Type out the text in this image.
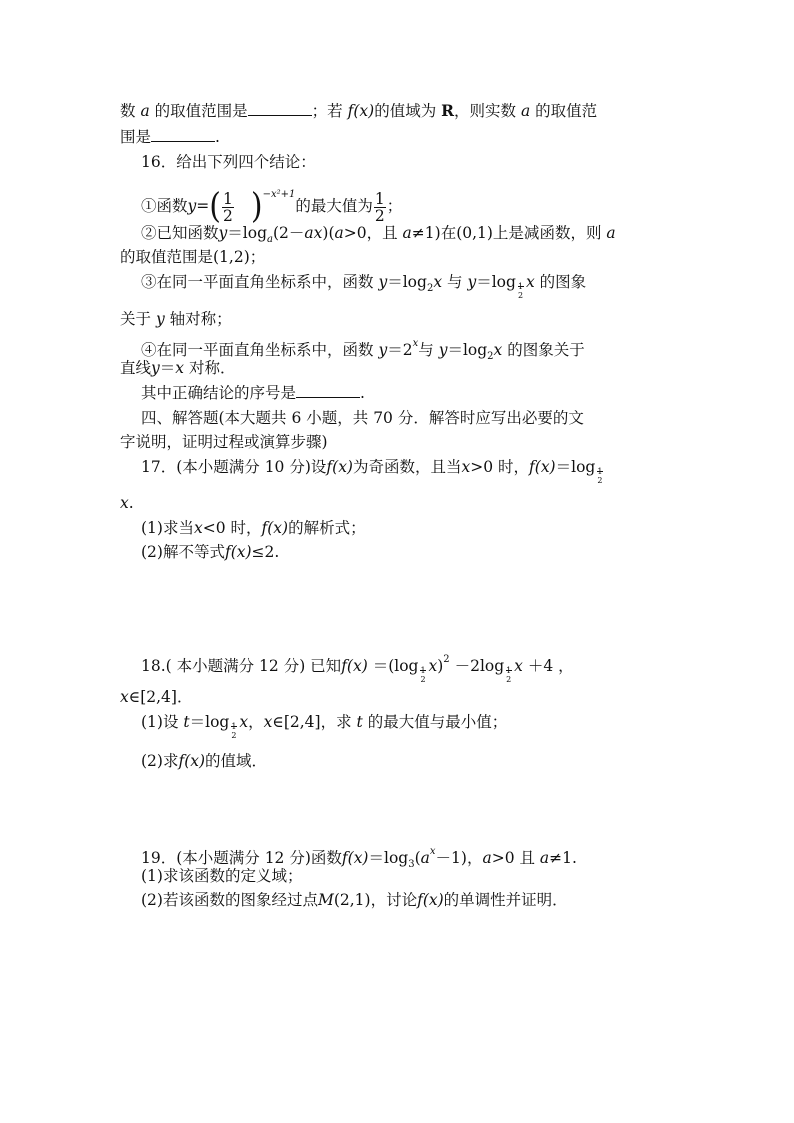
数 a 的取值范围是	；若 f(x)的值域为 R，则实数 a 的取值范
围是	.
16．给出下列四个结论：
①函数$y=( \frac{1}{2} )^{-x^2+1}$的最大值为 $\frac{1}{2}$ ；
②已知函数$y=\log_a(2-ax)(a>0$，且 a≠1)在(0,1)上是减函数，则 a
的取值范围是(1,2)；
③在同一平面直角坐标系中，函数 $y=\log_2x$ 与 y＝log 1
2
x 的图象
关于 y 轴对称；
④在同一平面直角坐标系中，函数 $y=2^x$与 $y=\log_2x$ 的图象关于
直线y＝x 对称．
其中正确结论的序号是	.
四、解答题(本大题共 6 小题，共 70 分．解答时应写出必要的文
字说明，证明过程或演算步骤)
17．(本小题满分 10 分)设f(x)为奇函数，且当x>0 时，f(x)＝log 1
2
x.
(1)求当x<0 时，f(x)的解析式；
(2)解不等式f(x)≤2.
18.( 本小题满分 12 分) 已知f(x) ＝(log 1
2
x)$^2$ －2log 1
2
x ＋4 ，
x∈[2,4]．
(1)设 t＝log 1
2
x，x∈[2,4]，求 t 的最大值与最小值；
(2)求f(x)的值域．
19．(本小题满分 12 分)函数$f(x)=\log_3(a^x-1)$，a>0 且 a≠1.
(1)求该函数的定义域；
(2)若该函数的图象经过点M(2,1)，讨论f(x)的单调性并证明．
